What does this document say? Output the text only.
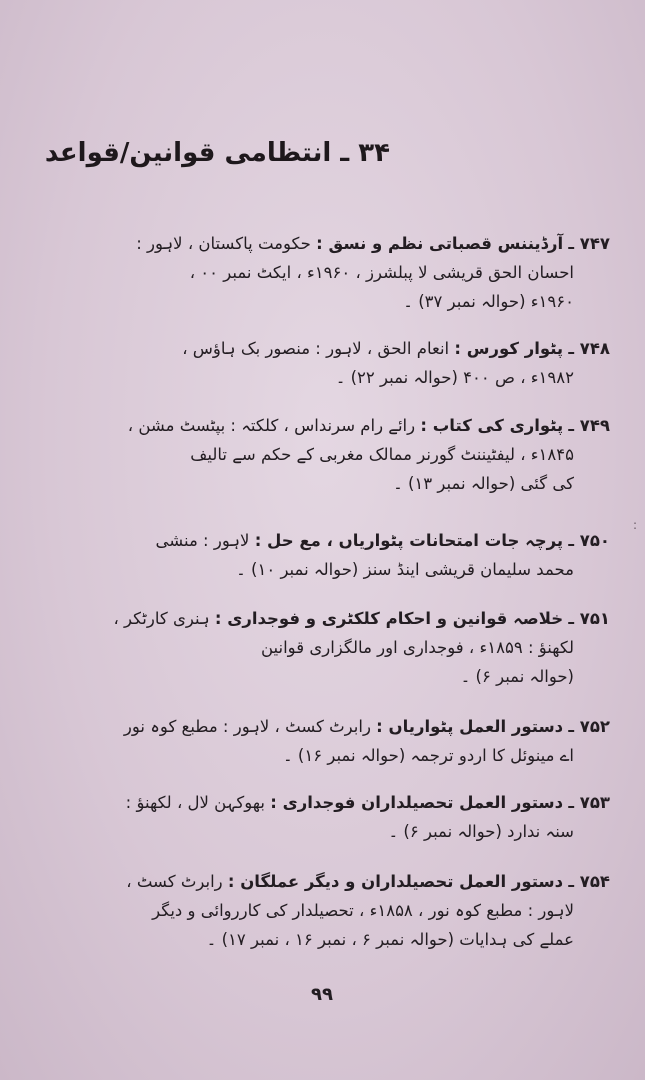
۳۴ ـ انتظامی قوانین/قواعد
۷۴۷ ـ آرڈیننس قصباتی نظم و نسق : حکومت پاکستان ، لاہور :
احسان الحق قریشی لا پبلشرز ، ۱۹۶۰ء ، ایکٹ نمبر ۰۰ ،
۱۹۶۰ء (حوالہ نمبر ۳۷) ۔
۷۴۸ ـ پٹوار کورس : انعام الحق ، لاہور : منصور بک ہاؤس ،
۱۹۸۲ء ، ص ۴۰۰ (حوالہ نمبر ۲۲) ۔
۷۴۹ ـ پٹواری کی کتاب : رائے رام سرنداس ، کلکتہ : بپٹسٹ مشن ،
۱۸۴۵ء ، لیفٹیننٹ گورنر ممالک مغربی کے حکم سے تالیف
کی گئی (حوالہ نمبر ۱۳) ۔
۷۵۰ ـ پرچہ جات امتحانات پٹواریاں ، مع حل : لاہور : منشی
محمد سلیمان قریشی اینڈ سنز (حوالہ نمبر ۱۰) ۔
۷۵۱ ـ خلاصہ قوانین و احکام کلکٹری و فوجداری : ہنری کارٹکر ،
لکھنؤ : ۱۸۵۹ء ، فوجداری اور مالگزاری قوانین
(حوالہ نمبر ۶) ۔
۷۵۲ ـ دستور العمل پٹواریاں : رابرٹ کسٹ ، لاہور : مطبع کوہ نور
اے مینوئل کا اردو ترجمہ (حوالہ نمبر ۱۶) ۔
۷۵۳ ـ دستور العمل تحصیلداران فوجداری : بھوکہن لال ، لکھنؤ :
سنہ ندارد (حوالہ نمبر ۶) ۔
۷۵۴ ـ دستور العمل تحصیلداران و دیگر عملگان : رابرٹ کسٹ ،
لاہور : مطبع کوہ نور ، ۱۸۵۸ء ، تحصیلدار کی کارروائی و دیگر
عملے کی ہدایات (حوالہ نمبر ۶ ، نمبر ۱۶ ، نمبر ۱۷) ۔
:
۹۹
